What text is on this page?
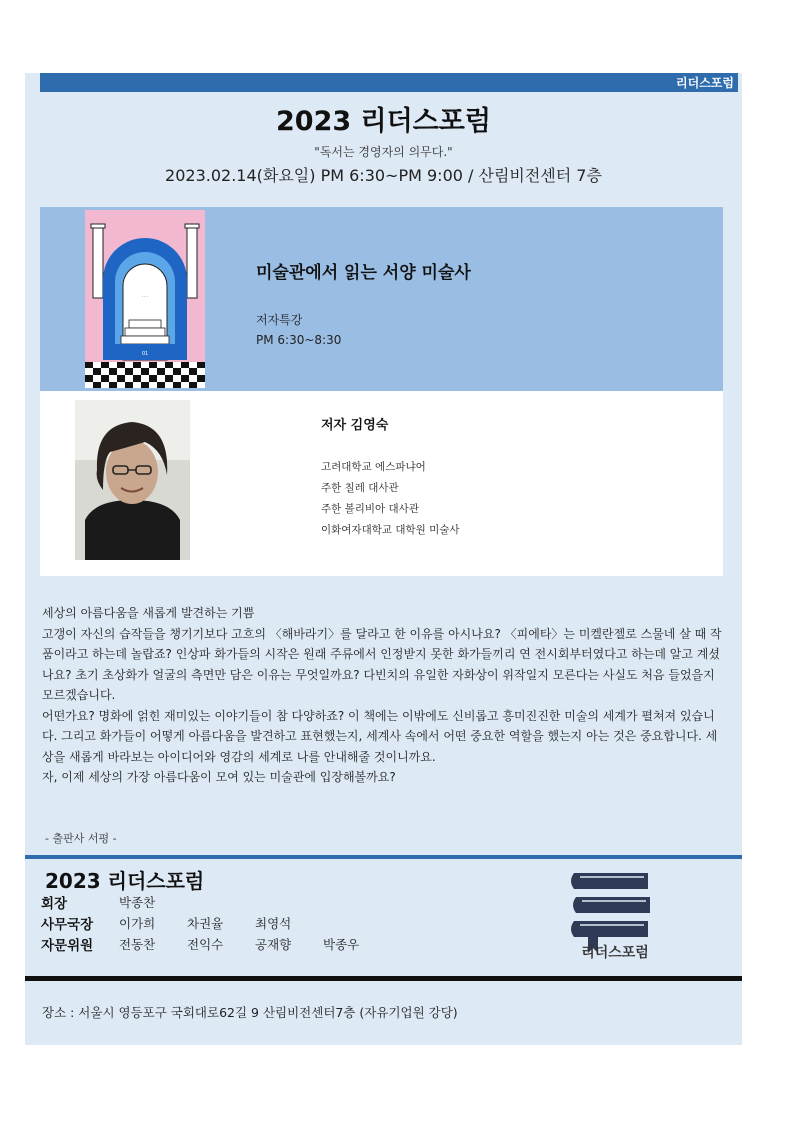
리더스포럼
2023 리더스포럼
"독서는 경영자의 의무다."
2023.02.14(화요일) PM 6:30~PM 9:00 / 산림비전센터 7층
01
· · ·
미술관에서 읽는 서양 미술사
저자특강
PM 6:30~8:30
저자 김영숙
고려대학교 에스파냐어
주한 칠레 대사관
주한 볼리비아 대사관
이화여자대학교 대학원 미술사

세상의 아름다움을 새롭게 발견하는 기쁨

고갱이 자신의 습작들을 챙기기보다 고흐의 〈해바라기〉를 달라고 한 이유를 아시나요? 〈피에타〉는 미켈란젤로 스물네 살 때 작품이라고 하는데 놀랍죠? 인상파 화가들의 시작은 원래 주류에서 인정받지 못한 화가들끼리 연 전시회부터였다고 하는데 알고 계셨나요? 초기 초상화가 얼굴의 측면만 담은 이유는 무엇일까요? 다빈치의 유일한 자화상이 위작일지 모른다는 사실도 처음 들었을지 모르겠습니다.

어떤가요? 명화에 얽힌 재미있는 이야기들이 참 다양하죠? 이 책에는 이밖에도 신비롭고 흥미진진한 미술의 세계가 펼쳐져 있습니다. 그리고 화가들이 어떻게 아름다움을 발견하고 표현했는지, 세계사 속에서 어떤 중요한 역할을 했는지 아는 것은 중요합니다. 세상을 새롭게 바라보는 아이디어와 영감의 세계로 나를 안내해줄 것이니까요.

자, 이제 세상의 가장 아름다움이 모여 있는 미술관에 입장해볼까요?

- 출판사 서평 -
2023 리더스포럼
회장	박종찬
사무국장 이가희	차권율	최영석
자문위원 전동찬	전익수	공재향	박종우
리더스포럼
장소 : 서울시 영등포구 국회대로62길 9 산림비전센터7층 (자유기업원 강당)
